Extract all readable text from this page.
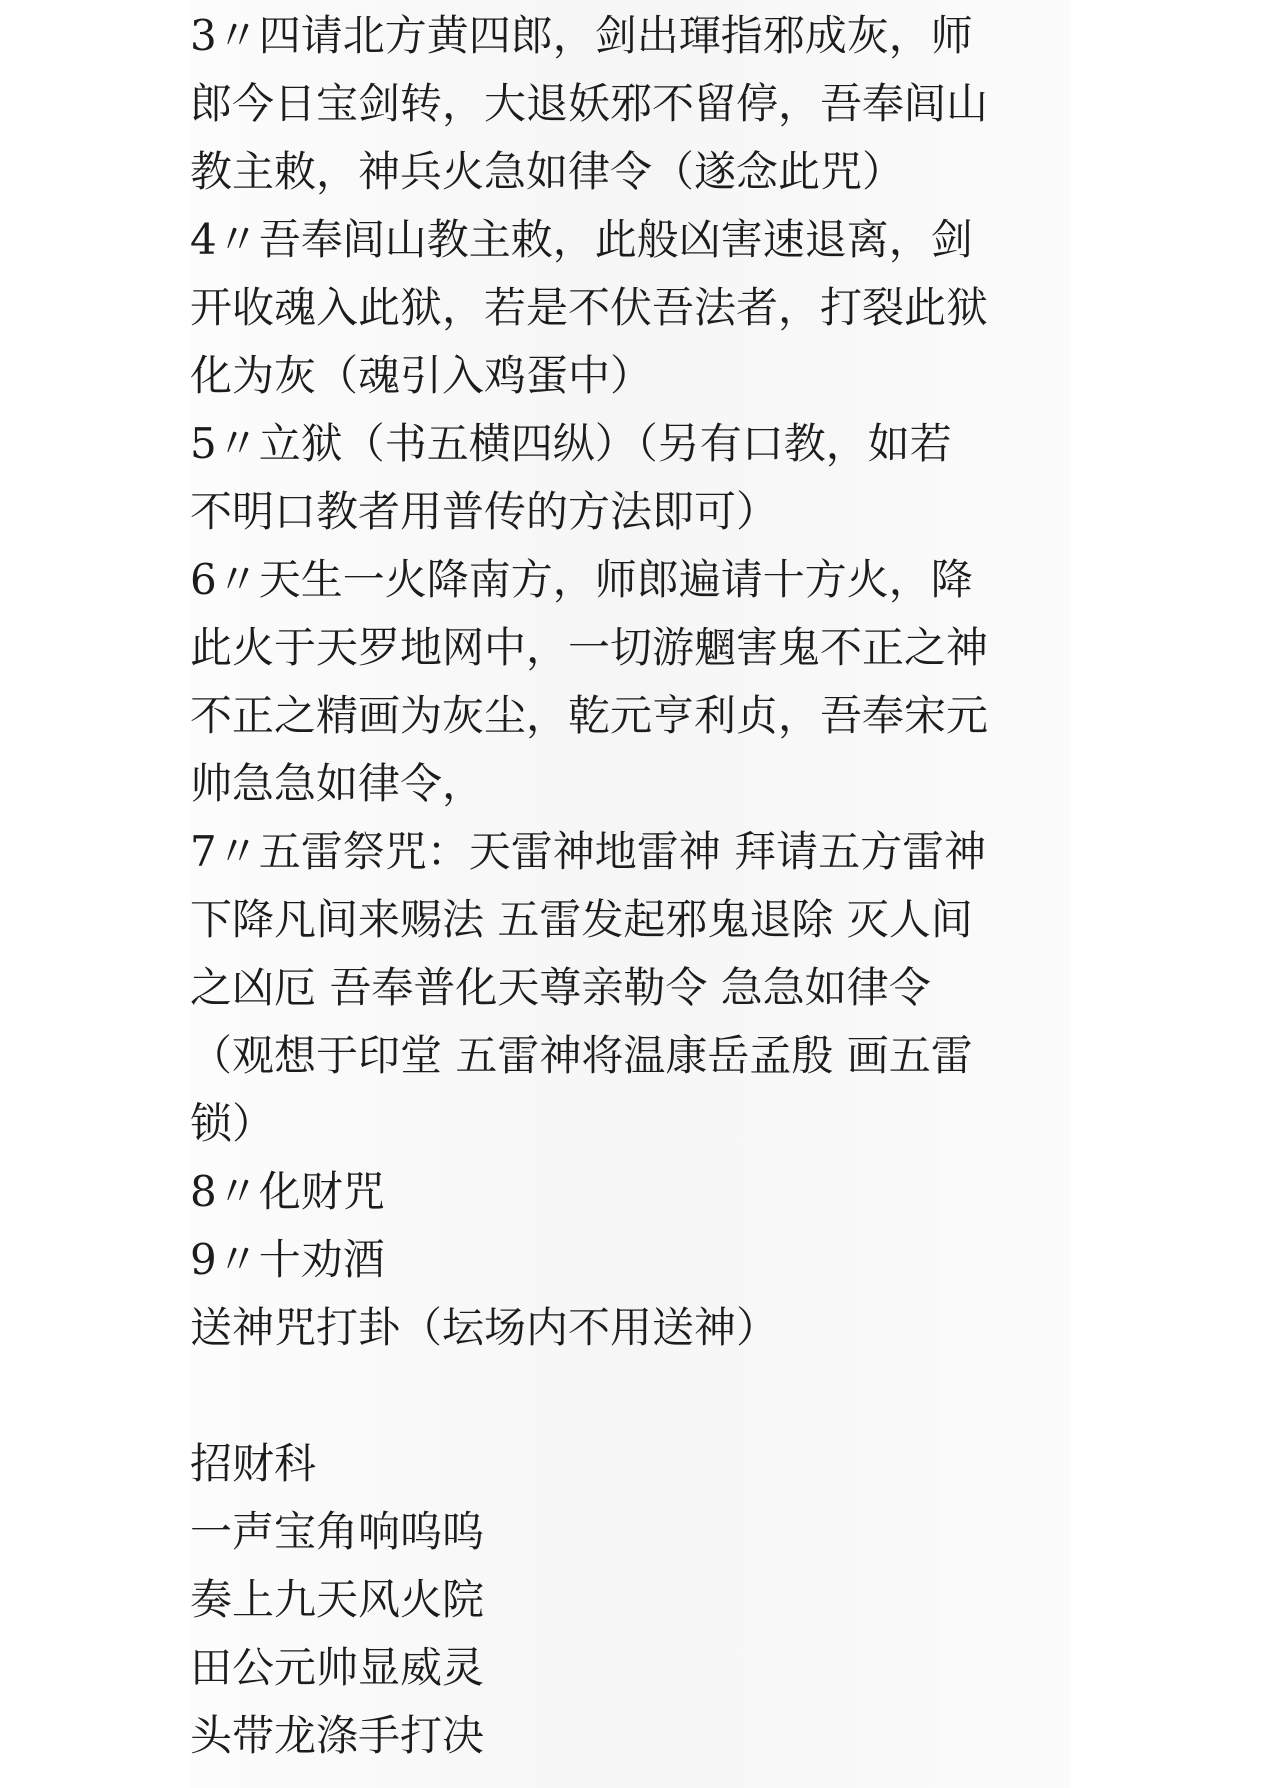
3〃四请北方黄四郎，剑出琿指邪成灰，师
郎今日宝剑转，大退妖邪不留停，吾奉闾山
教主敕，神兵火急如律令（遂念此咒）
4〃吾奉闾山教主敕，此般凶害速退离，剑
开收魂入此狱，若是不伏吾法者，打裂此狱
化为灰（魂引入鸡蛋中）
5〃立狱（书五横四纵）（另有口教，如若
不明口教者用普传的方法即可）
6〃天生一火降南方，师郎遍请十方火，降
此火于天罗地网中，一切游魍害鬼不正之神
不正之精画为灰尘，乾元亨利贞，吾奉宋元
帅急急如律令，
7〃五雷祭咒：天雷神地雷神 拜请五方雷神
下降凡间来赐法 五雷发起邪鬼退除 灭人间
之凶厄 吾奉普化天尊亲勒令 急急如律令
（观想于印堂 五雷神将温康岳孟殷 画五雷
锁）
8〃化财咒
9〃十劝酒
送神咒打卦（坛场内不用送神）
招财科
一声宝角响呜呜
奏上九天风火院
田公元帅显威灵
头带龙涤手打决
